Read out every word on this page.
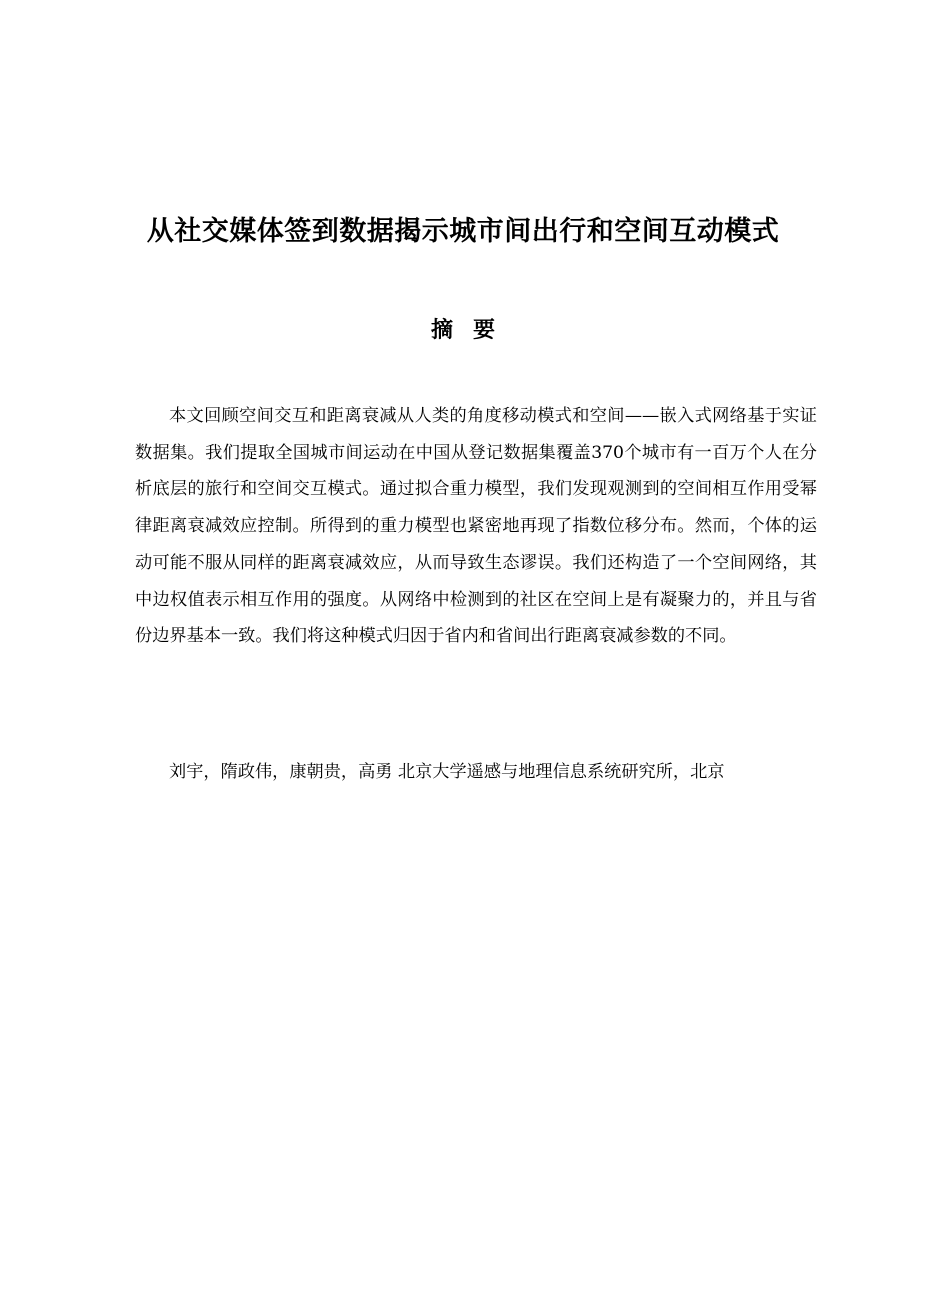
从社交媒体签到数据揭示城市间出行和空间互动模式
摘要

本文回顾空间交互和距离衰减从人类的角度移动模式和空间——嵌入式网络基于实证数据集。我们提取全国城市间运动在中国从登记数据集覆盖370个城市有一百万个人在分析底层的旅行和空间交互模式。通过拟合重力模型，我们发现观测到的空间相互作用受幂律距离衰减效应控制。所得到的重力模型也紧密地再现了指数位移分布。然而，个体的运动可能不服从同样的距离衰减效应，从而导致生态谬误。我们还构造了一个空间网络，其中边权值表示相互作用的强度。从网络中检测到的社区在空间上是有凝聚力的，并且与省份边界基本一致。我们将这种模式归因于省内和省间出行距离衰减参数的不同。

刘宇，隋政伟，康朝贵，高勇 北京大学遥感与地理信息系统研究所，北京
